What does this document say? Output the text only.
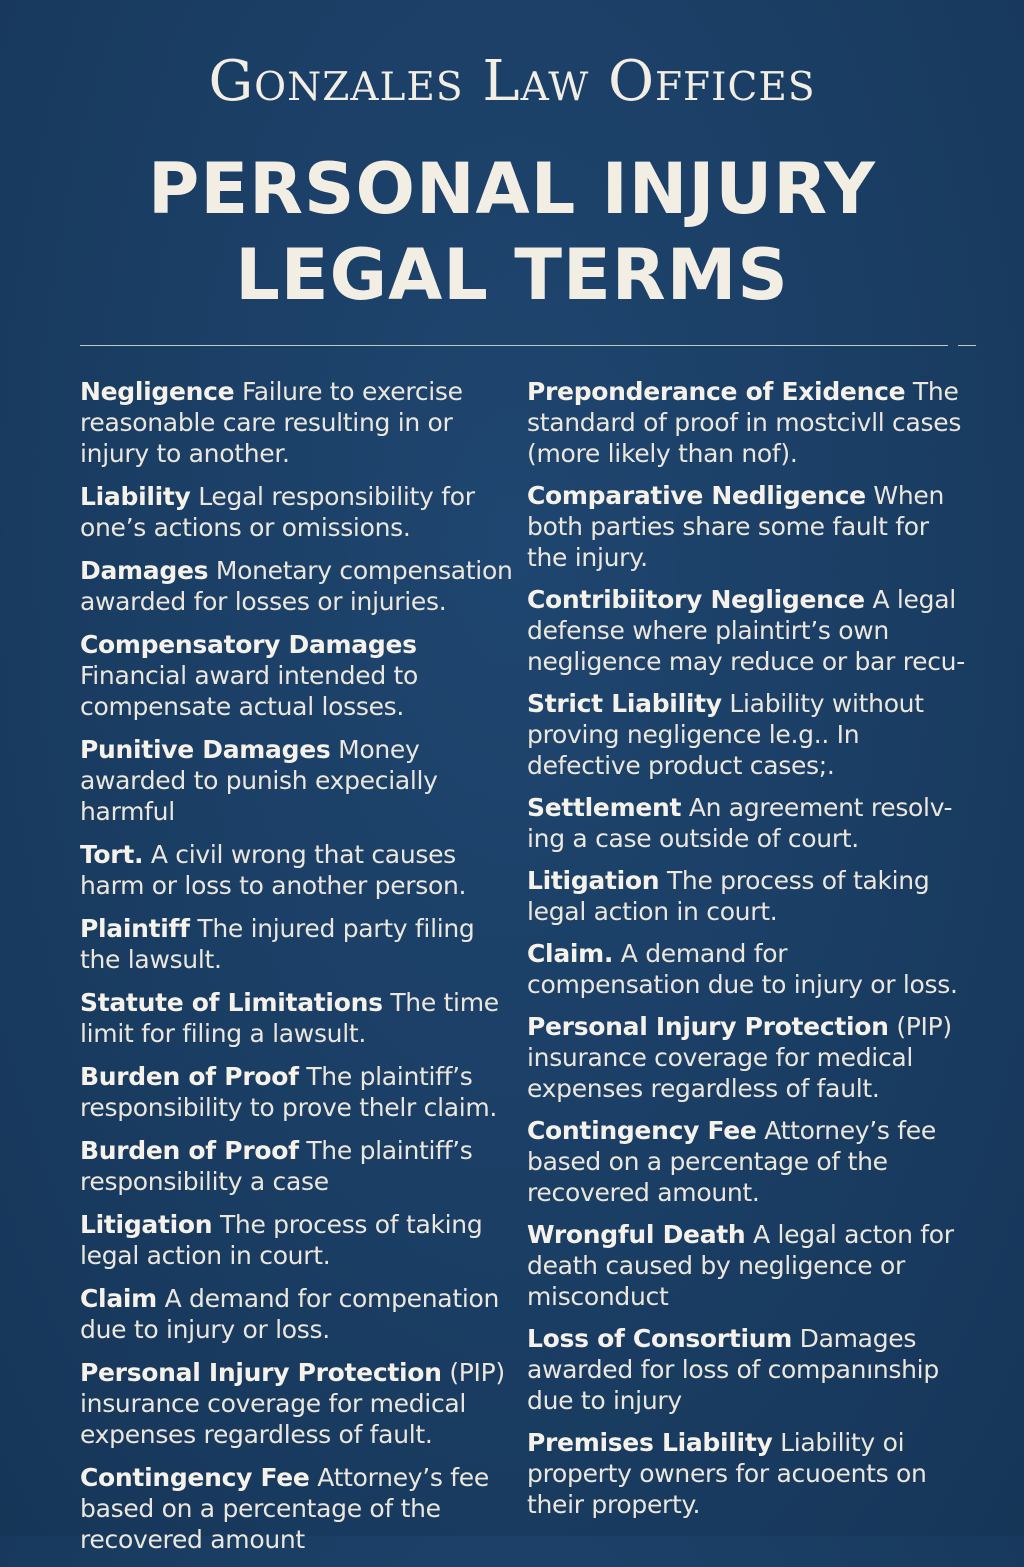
Gonzales Law Offices
PERSONAL INJURY
LEGAL TERMS

Negligence Failure to exercise reasonable care resulting in or injury to another.

Liability Legal responsibility for one’s actions or omissions.

Damages Monetary compensation awarded for losses or injuries.

Compensatory Damages Financial award intended to compensate actual losses.

Punitive Damages Money awarded to punish expecially harmful

Tort. A civil wrong that causes harm or loss to another person.

Plaintiff The injured party filing the lawsult.

Statute of Limitations The time limit for filing a lawsult.

Burden of Proof The plaintiff’s responsibility to prove thelr claim.

Burden of Proof The plaintiff’s responsibility a case

Litigation The process of taking legal action in court.

Claim A demand for compenation due to injury or loss.

Personal Injury Protection (PIP) insurance coverage for medical expenses regardless of fault.

Contingency Fee Attorney’s fee based on a percentage of the recovered amount

Preponderance of Exidence The standard of proof in mostcivll cases (more likely than nof).

Comparative Nedligence When both parties share some fault for the injury.

Contribiitory Negligence A legal defense where plaintirt’s own negligence may reduce or bar recu-

Strict Liability Liability without proving negligence le.g.. In defective product cases;.

Settlement An agreement resolv-ing a case outside of court.

Litigation The process of taking legal action in court.

Claim. A demand for compensation due to injury or loss.

Personal Injury Protection (PIP) insurance coverage for medical expenses regardless of fault.

Contingency Fee Attorney’s fee based on a percentage of the recovered amount.

Wrongful Death A legal acton for death caused by negligence or misconduct

Loss of Consortium Damages awarded for loss of companınship due to injury

Premises Liability Liability oi property owners for acuoents on their property.
